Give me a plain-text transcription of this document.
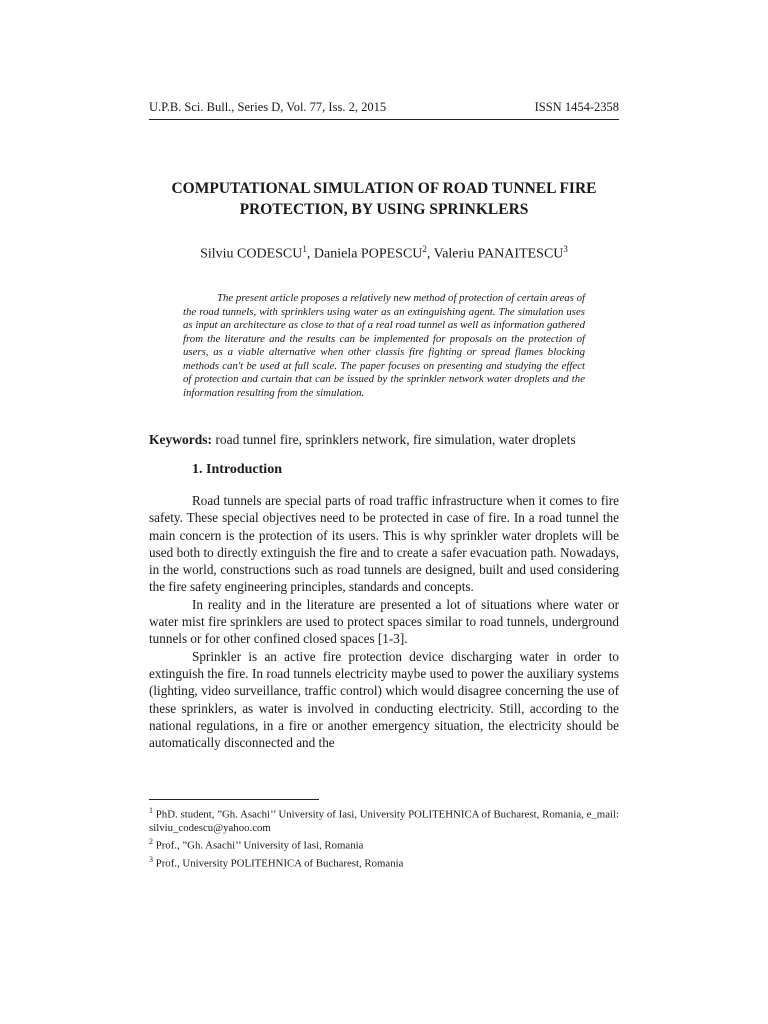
U.P.B. Sci. Bull., Series D, Vol. 77, Iss. 2, 2015	ISSN 1454-2358
COMPUTATIONAL SIMULATION OF ROAD TUNNEL FIRE
PROTECTION, BY USING SPRINKLERS
Silviu CODESCU$^1$, Daniela POPESCU$^2$, Valeriu PANAITESCU$^3$
The present article proposes a relatively new method of protection of certain areas of the road tunnels, with sprinklers using water as an extinguishing agent. The simulation uses as input an architecture as close to that of a real road tunnel as well as information gathered from the literature and the results can be implemented for proposals on the protection of users, as a viable alternative when other classis fire fighting or spread flames blocking methods can't be used at full scale. The paper focuses on presenting and studying the effect of protection and curtain that can be issued by the sprinkler network water droplets and the information resulting from the simulation.
Keywords: road tunnel fire, sprinklers network, fire simulation, water droplets
1. Introduction

Road tunnels are special parts of road traffic infrastructure when it comes to fire safety. These special objectives need to be protected in case of fire. In a road tunnel the main concern is the protection of its users. This is why sprinkler water droplets will be used both to directly extinguish the fire and to create a safer evacuation path. Nowadays, in the world, constructions such as road tunnels are designed, built and used considering the fire safety engineering principles, standards and concepts.

In reality and in the literature are presented a lot of situations where water or water mist fire sprinklers are used to protect spaces similar to road tunnels, underground tunnels or for other confined closed spaces [1-3].

Sprinkler is an active fire protection device discharging water in order to extinguish the fire. In road tunnels electricity maybe used to power the auxiliary systems (lighting, video surveillance, traffic control) which would disagree concerning the use of these sprinklers, as water is involved in conducting electricity. Still, according to the national regulations, in a fire or another emergency situation, the electricity should be automatically disconnected and the

$^1$ PhD. student, ”Gh. Asachi’’ University of Iasi, University POLITEHNICA of Bucharest, Romania, e_mail: silviu_codescu@yahoo.com

$^2$ Prof., ”Gh. Asachi’’ University of Iasi, Romania

$^3$ Prof., University POLITEHNICA of Bucharest, Romania
